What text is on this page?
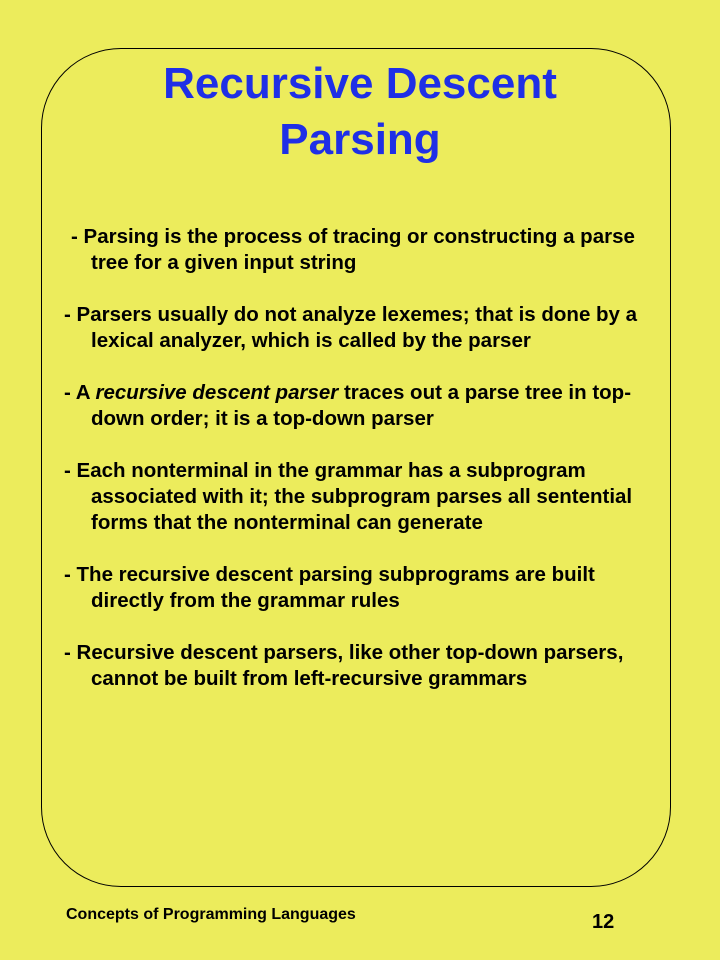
Recursive Descent
Parsing
- Parsing is the process of tracing or constructing a parse tree for a given input string
- Parsers usually do not analyze lexemes; that is done by a lexical analyzer, which is called by the parser
- A recursive descent parser traces out a parse tree in top-down order; it is a top-down parser
- Each nonterminal in the grammar has a subprogram associated with it; the subprogram parses all sentential forms that the nonterminal can generate
- The recursive descent parsing subprograms are built directly from the grammar rules
- Recursive descent parsers, like other top-down parsers, cannot be built from left-recursive grammars
Concepts of Programming Languages	12
